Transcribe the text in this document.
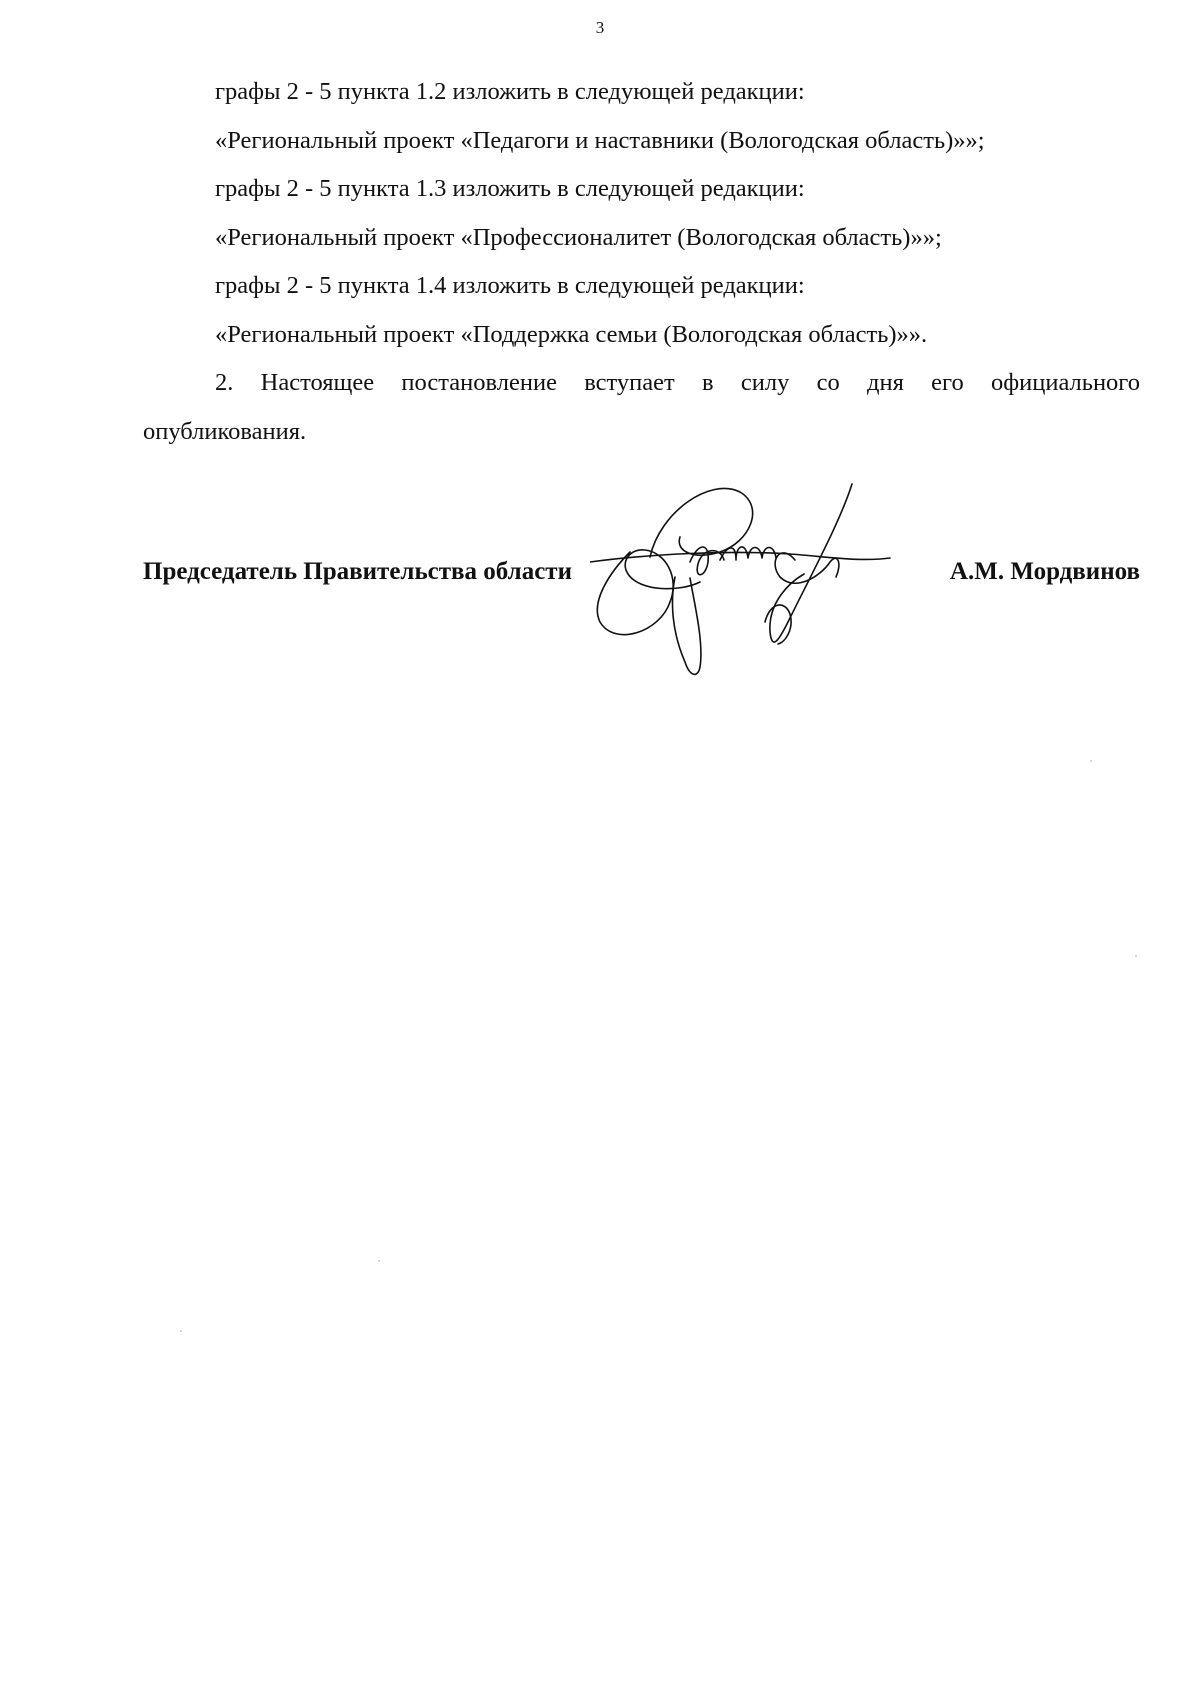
3

графы 2 - 5 пункта 1.2 изложить в следующей редакции:

«Региональный проект «Педагоги и наставники (Вологодская область)»»;

графы 2 - 5 пункта 1.3 изложить в следующей редакции:

«Региональный проект «Профессионалитет (Вологодская область)»»;

графы 2 - 5 пункта 1.4 изложить в следующей редакции:

«Региональный проект «Поддержка семьи (Вологодская область)»».

2. Настоящее постановление вступает в силу со дня его официального опубликования.

Председатель Правительства области	А.М. Мордвинов
